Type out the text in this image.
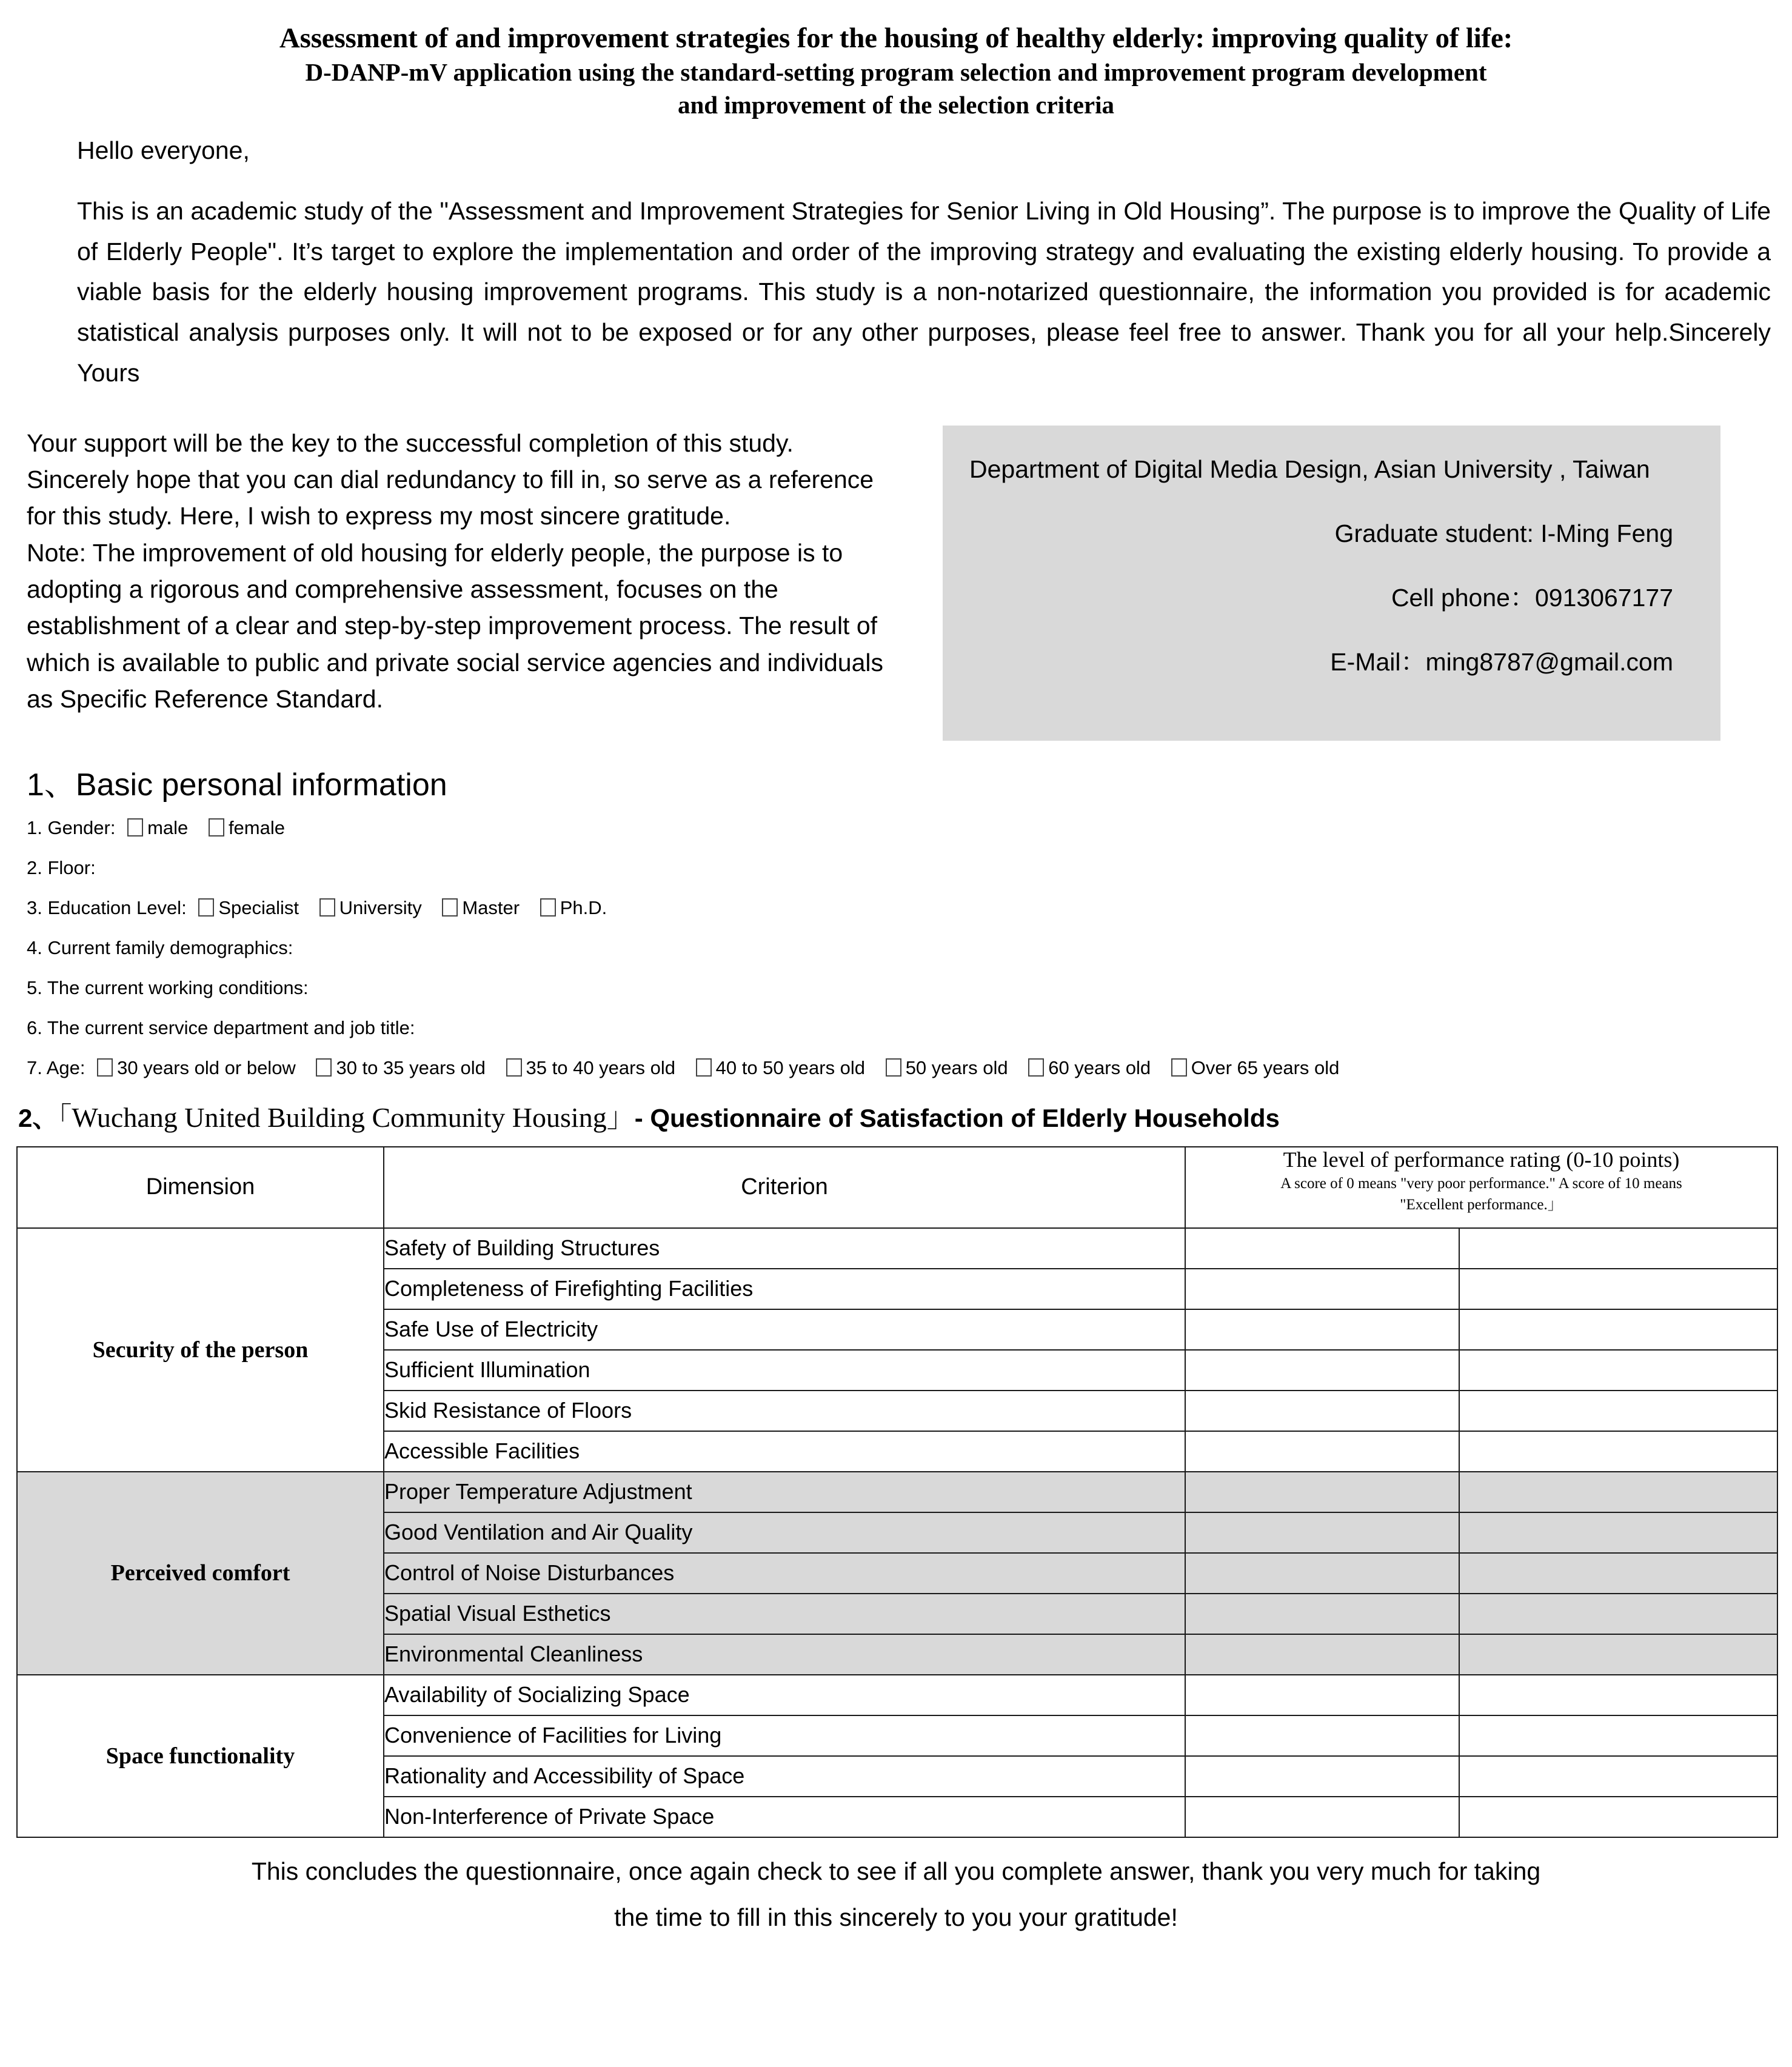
Assessment of and improvement strategies for the housing of healthy elderly: improving quality of life:
D-DANP-mV application using the standard-setting program selection and improvement program development
and improvement of the selection criteria
Hello everyone,
This is an academic study of the "Assessment and Improvement Strategies for Senior Living in Old Housing”. The purpose is to improve the Quality of Life of Elderly People". It’s target to explore the implementation and order of the improving strategy and evaluating the existing elderly housing. To provide a viable basis for the elderly housing improvement programs. This study is a non-notarized questionnaire, the information you provided is for academic statistical analysis purposes only. It will not to be exposed or for any other purposes, please feel free to answer. Thank you for all your help.Sincerely Yours

Your support will be the key to the successful completion of this study.

Sincerely hope that you can dial redundancy to fill in, so serve as a reference

for this study. Here, I wish to express my most sincere gratitude.

Note: The improvement of old housing for elderly people, the purpose is to

adopting a rigorous and comprehensive assessment, focuses on the

establishment of a clear and step-by-step improvement process. The result of

which is available to public and private social service agencies and individuals

as Specific Reference Standard.

Department of Digital Media Design, Asian University , Taiwan
Graduate student: I-Ming Feng
Cell phone：0913067177
E-Mail：ming8787@gmail.com
1、Basic personal information
1. Gender: male female
2. Floor:
3. Education Level: Specialist University Master Ph.D.
4. Current family demographics:
5. The current working conditions:
6. The current service department and job title:
7. Age: 30 years old or below 30 to 35 years old 35 to 40 years old 40 to 50 years old 50 years old 60 years old Over 65 years old
2、「Wuchang United Building Community Housing」- Questionnaire of Satisfaction of Elderly Households
Dimension	Criterion	The level of performance rating (0-10 points)
A score of 0 means "very poor performance." A score of 10 means
"Excellent performance.」	

Security of the person	Safety of Building Structures		
	Completeness of Firefighting Facilities		
	Safe Use of Electricity		
	Sufficient Illumination		
	Skid Resistance of Floors		
	Accessible Facilities		
Perceived comfort	Proper Temperature Adjustment		
	Good Ventilation and Air Quality		
	Control of Noise Disturbances		
	Spatial Visual Esthetics		
	Environmental Cleanliness		
Space functionality	Availability of Socializing Space		
	Convenience of Facilities for Living		
	Rationality and Accessibility of Space		
	Non-Interference of Private Space		
This concludes the questionnaire, once again check to see if all you complete answer, thank you very much for taking
the time to fill in this sincerely to you your gratitude!
